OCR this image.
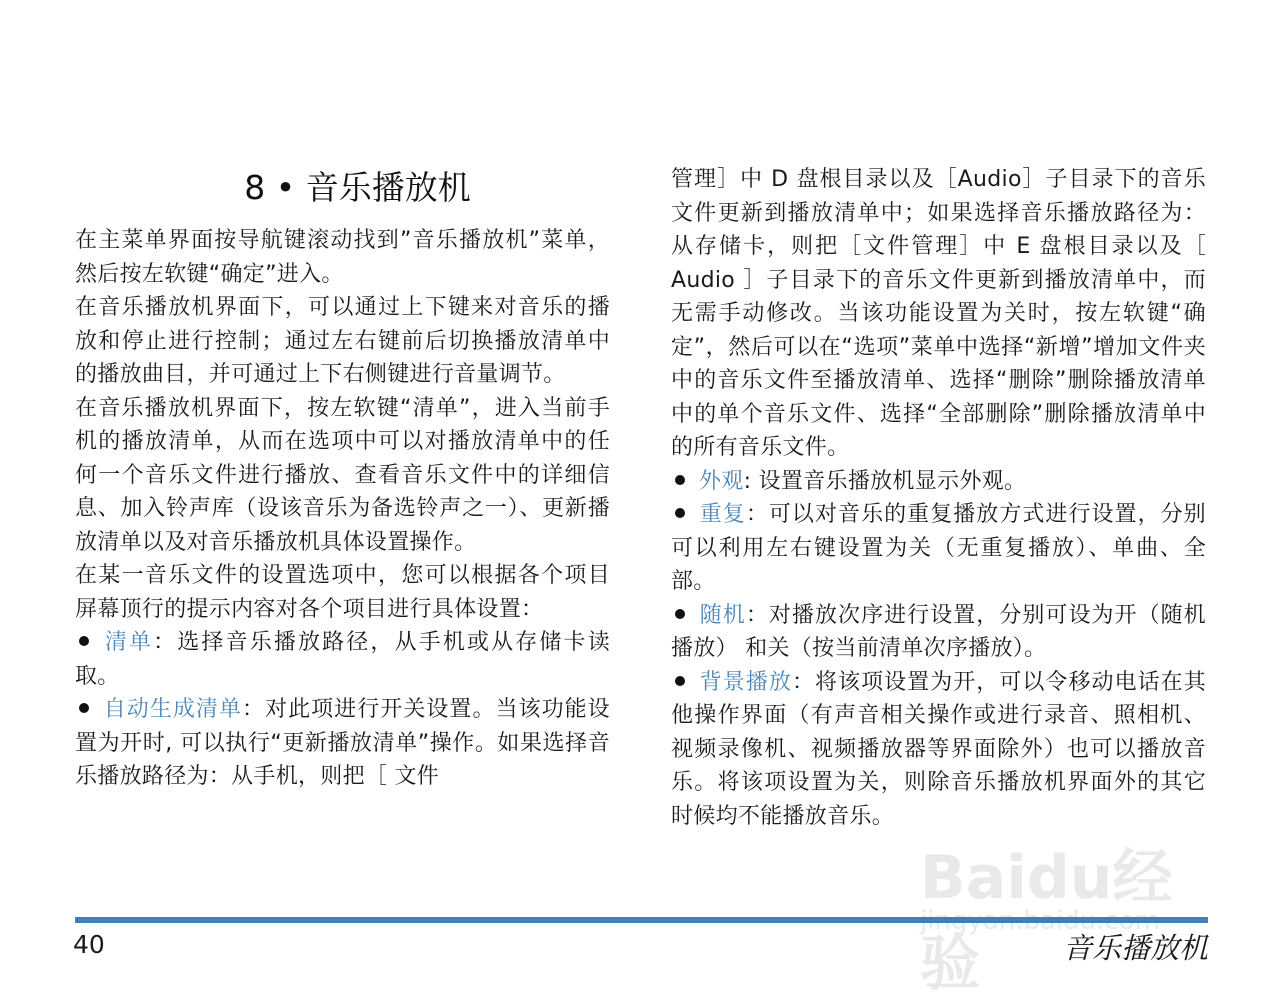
8 • 音乐播放机

在主菜单界面按导航键滚动找到”音乐播放机”菜单，然后按左软键“确定”进入。

在音乐播放机界面下，可以通过上下键来对音乐的播放和停止进行控制；通过左右键前后切换播放清单中的播放曲目，并可通过上下右侧键进行音量调节。

在音乐播放机界面下，按左软键“清单”，进入当前手机的播放清单，从而在选项中可以对播放清单中的任何一个音乐文件进行播放、查看音乐文件中的详细信息、加入铃声库（设该音乐为备选铃声之一）、更新播放清单以及对音乐播放机具体设置操作。

在某一音乐文件的设置选项中，您可以根据各个项目屏幕顶行的提示内容对各个项目进行具体设置：

清单：选择音乐播放路径，从手机或从存储卡读取。

自动生成清单：对此项进行开关设置。当该功能设置为开时, 可以执行“更新播放清单”操作。如果选择音乐播放路径为：从手机，则把［ 文件

管理］中 D 盘根目录以及［Audio］子目录下的音乐文件更新到播放清单中；如果选择音乐播放路径为：从存储卡，则把［文件管理］中 E 盘根目录以及［ Audio ］子目录下的音乐文件更新到播放清单中，而无需手动修改。当该功能设置为关时，按左软键“确定”，然后可以在“选项”菜单中选择“新增”增加文件夹中的音乐文件至播放清单、选择“删除”删除播放清单中的单个音乐文件、选择“全部删除”删除播放清单中的所有音乐文件。

外观: 设置音乐播放机显示外观。

重复：可以对音乐的重复播放方式进行设置，分别可以利用左右键设置为关（无重复播放）、单曲、全部。

随机：对播放次序进行设置，分别可设为开（随机播放） 和关（按当前清单次序播放）。

背景播放：将该项设置为开，可以令移动电话在其他操作界面（有声音相关操作或进行录音、照相机、视频录像机、视频播放器等界面除外）也可以播放音乐。将该项设置为关，则除音乐播放机界面外的其它时候均不能播放音乐。

Baidu经验
40	音乐播放机
